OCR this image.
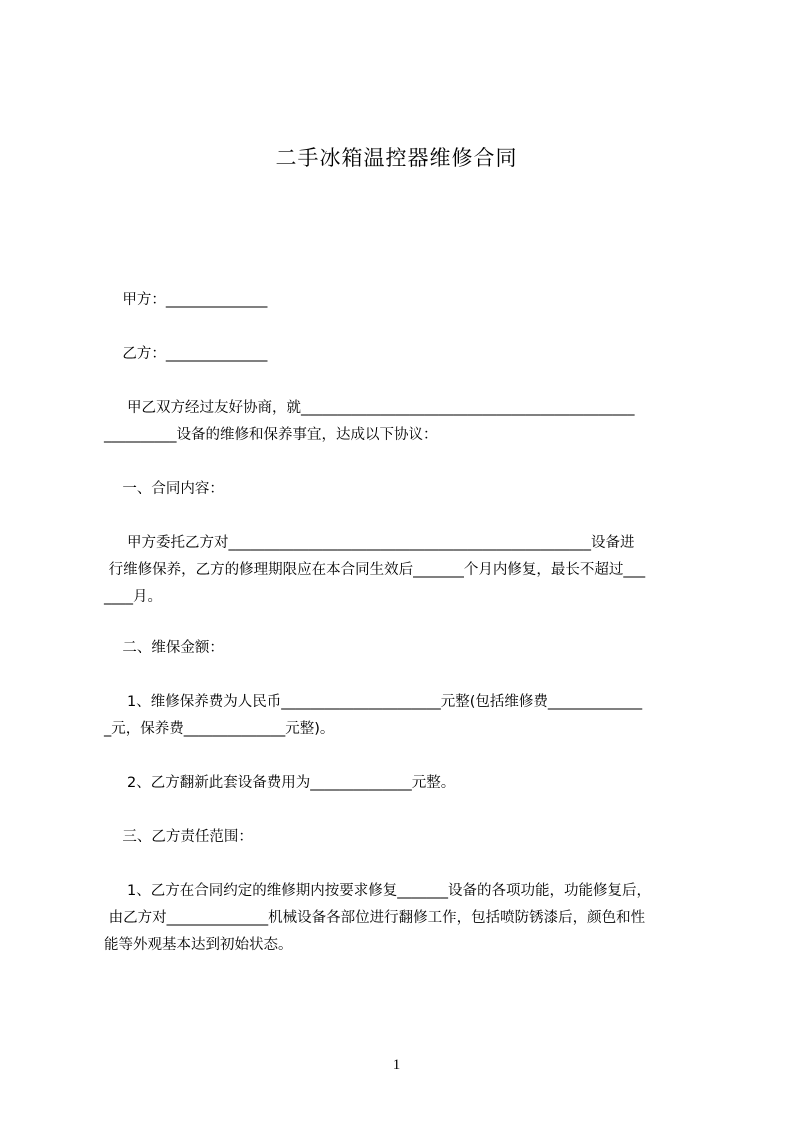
二手冰箱温控器维修合同
甲方：______________
乙方：______________
甲乙双方经过友好协商，就______________________________________________
__________设备的维修和保养事宜，达成以下协议：
一、合同内容：
甲方委托乙方对__________________________________________________设备进
行维修保养，乙方的修理期限应在本合同生效后_______个月内修复，最长不超过___
____月。
二、维保金额：
1、维修保养费为人民币______________________元整(包括维修费_____________
_元，保养费______________元整)。
2、乙方翻新此套设备费用为______________元整。
三、乙方责任范围：
1、乙方在合同约定的维修期内按要求修复_______设备的各项功能，功能修复后，
由乙方对______________机械设备各部位进行翻修工作，包括喷防锈漆后，颜色和性
能等外观基本达到初始状态。
1
